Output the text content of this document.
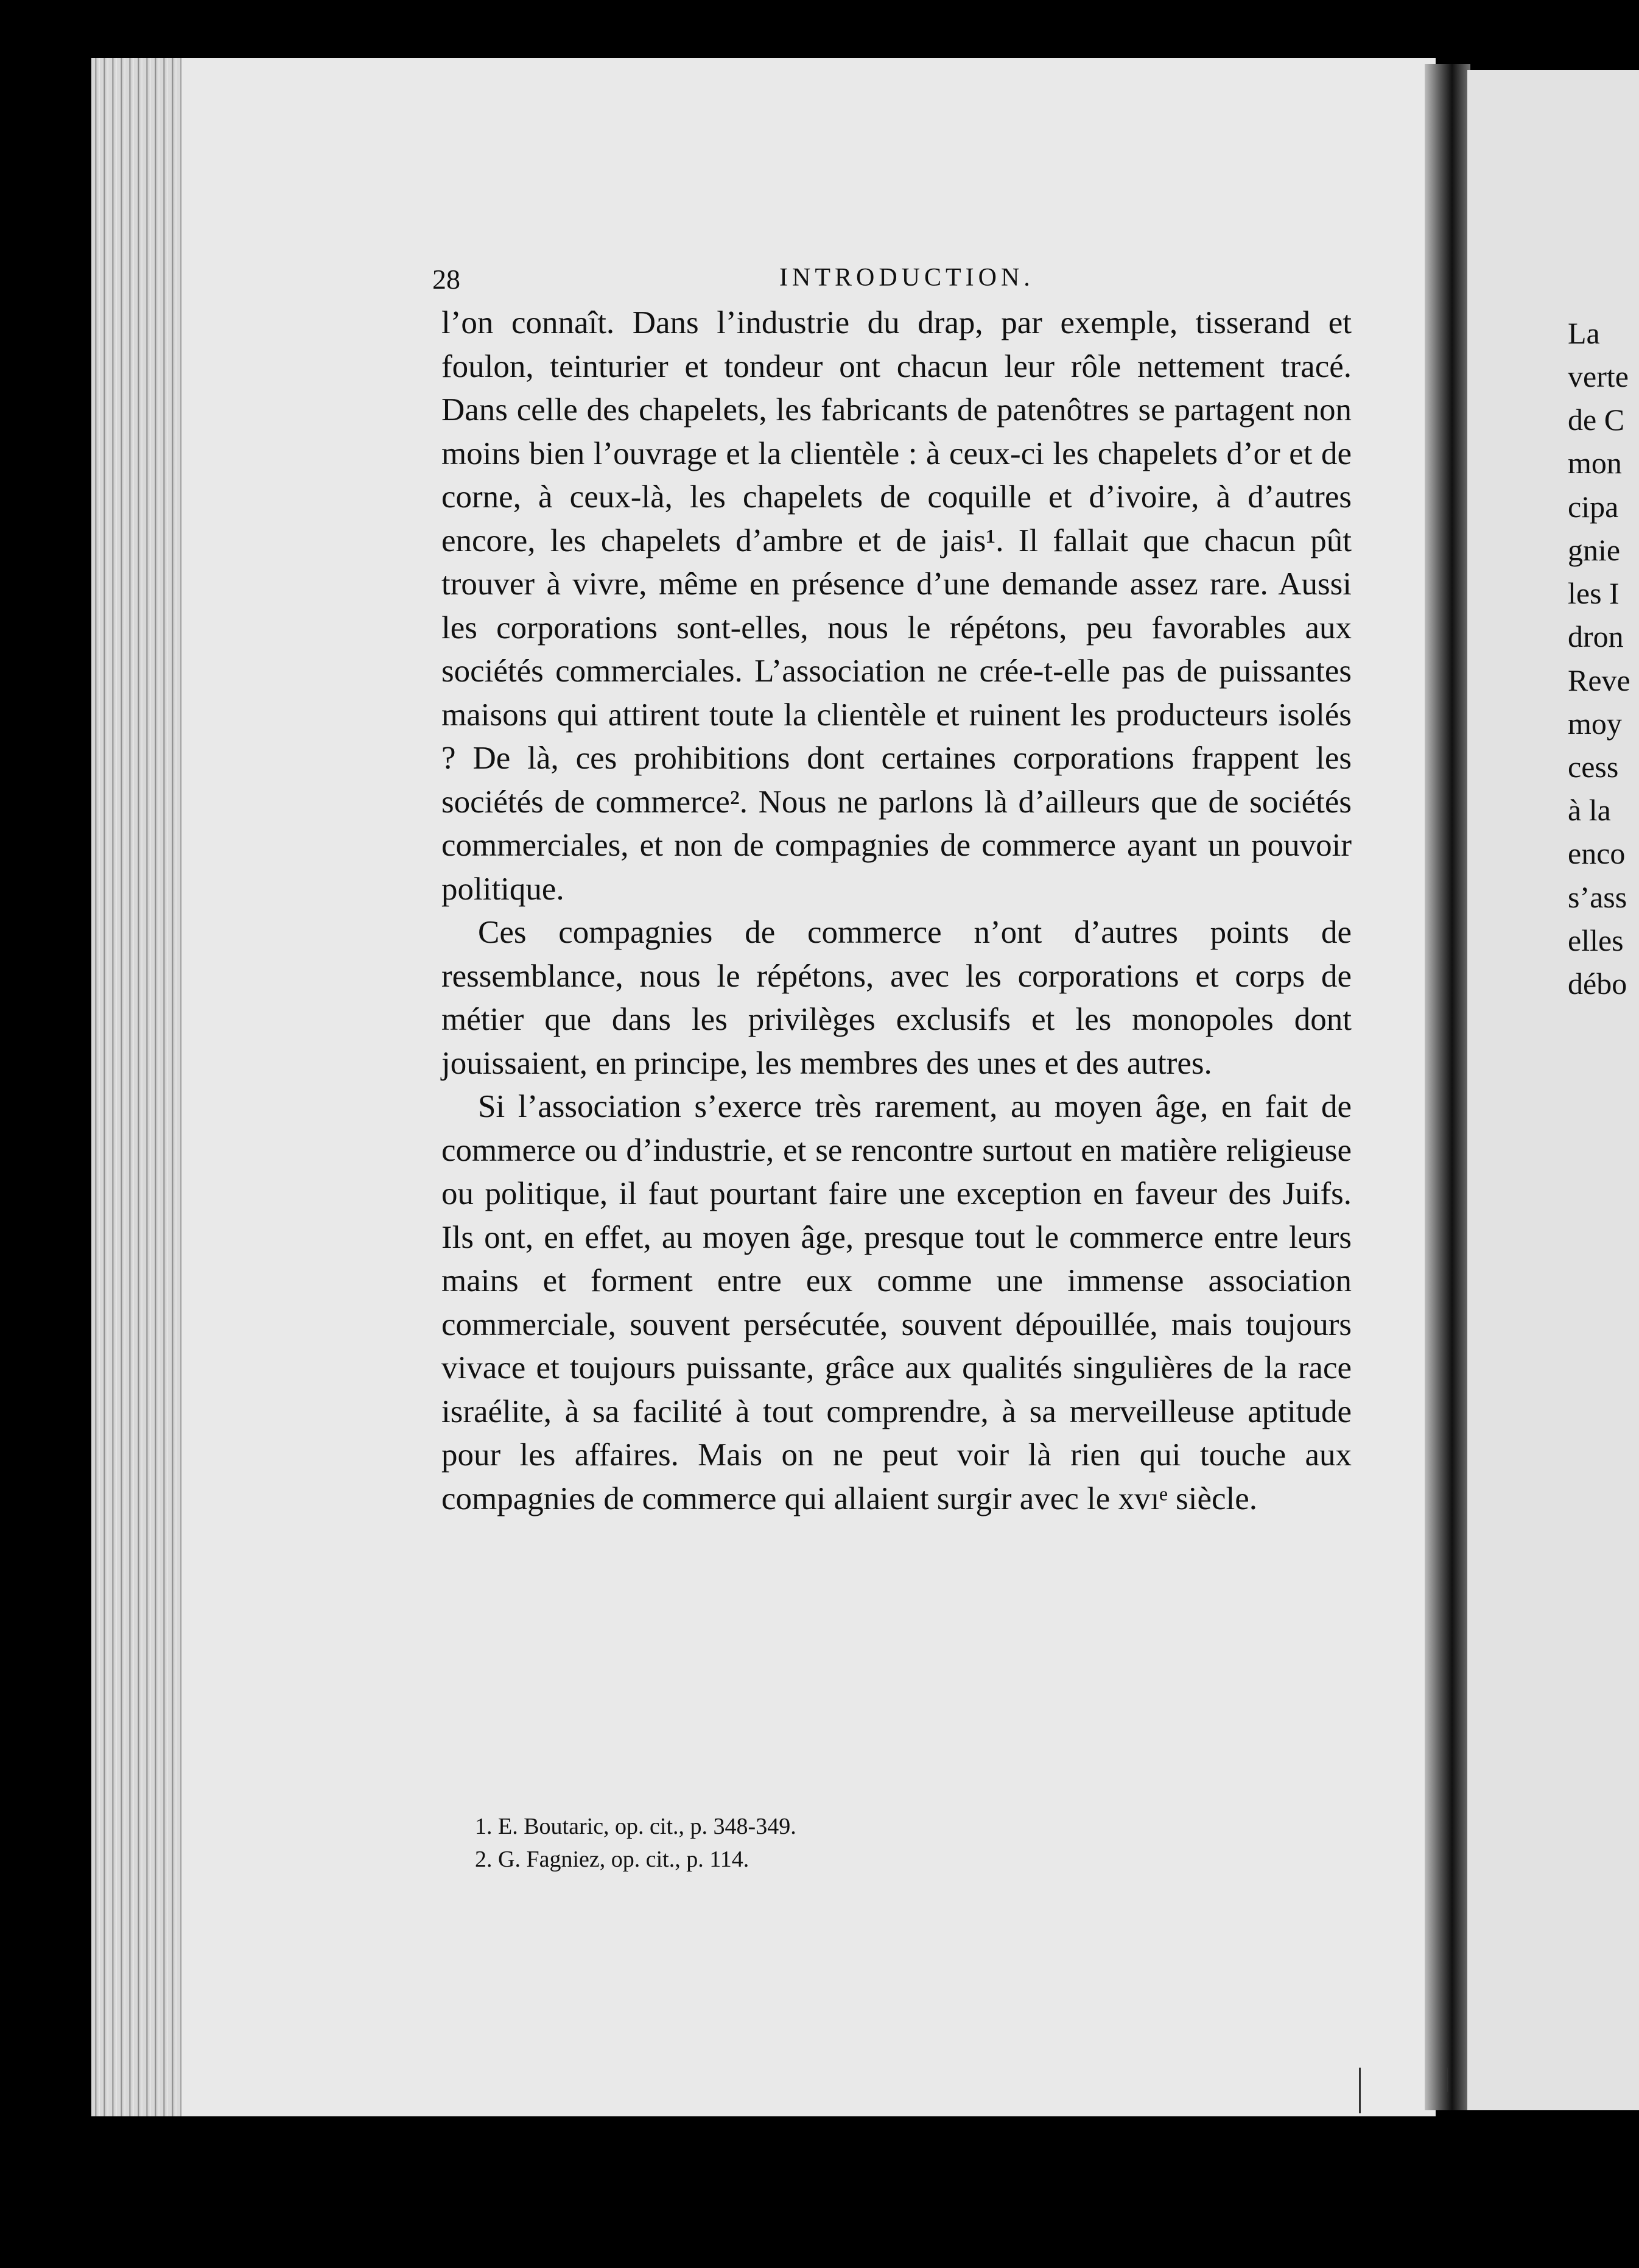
La
verte
de C
mon
cipa
gnie
les I
dron
Reve
moy
cess
à la
enco
s’ass
elles
débo
28	INTRODUCTION.

l’on connaît. Dans l’industrie du drap, par exemple, tisserand et foulon, teinturier et tondeur ont chacun leur rôle nettement tracé. Dans celle des chapelets, les fabricants de patenôtres se partagent non moins bien l’ouvrage et la clientèle : à ceux-ci les chapelets d’or et de corne, à ceux-là, les chapelets de coquille et d’ivoire, à d’autres encore, les chapelets d’ambre et de jais¹. Il fallait que chacun pût trouver à vivre, même en présence d’une demande assez rare. Aussi les corporations sont-elles, nous le répétons, peu favorables aux sociétés commerciales. L’association ne crée-t-elle pas de puissantes maisons qui attirent toute la clientèle et ruinent les producteurs isolés ? De là, ces prohibitions dont certaines corporations frappent les sociétés de commerce². Nous ne parlons là d’ailleurs que de sociétés commerciales, et non de compagnies de commerce ayant un pouvoir politique.

Ces compagnies de commerce n’ont d’autres points de ressemblance, nous le répétons, avec les corporations et corps de métier que dans les privilèges exclusifs et les monopoles dont jouissaient, en principe, les membres des unes et des autres.

Si l’association s’exerce très rarement, au moyen âge, en fait de commerce ou d’industrie, et se rencontre surtout en matière religieuse ou politique, il faut pourtant faire une exception en faveur des Juifs. Ils ont, en effet, au moyen âge, presque tout le commerce entre leurs mains et forment entre eux comme une immense association commerciale, souvent persécutée, souvent dépouillée, mais toujours vivace et toujours puissante, grâce aux qualités singulières de la race israélite, à sa facilité à tout comprendre, à sa merveilleuse aptitude pour les affaires. Mais on ne peut voir là rien qui touche aux compagnies de commerce qui allaient surgir avec le xvıᵉ siècle.

1. E. Boutaric, op. cit., p. 348-349.
2. G. Fagniez, op. cit., p. 114.
